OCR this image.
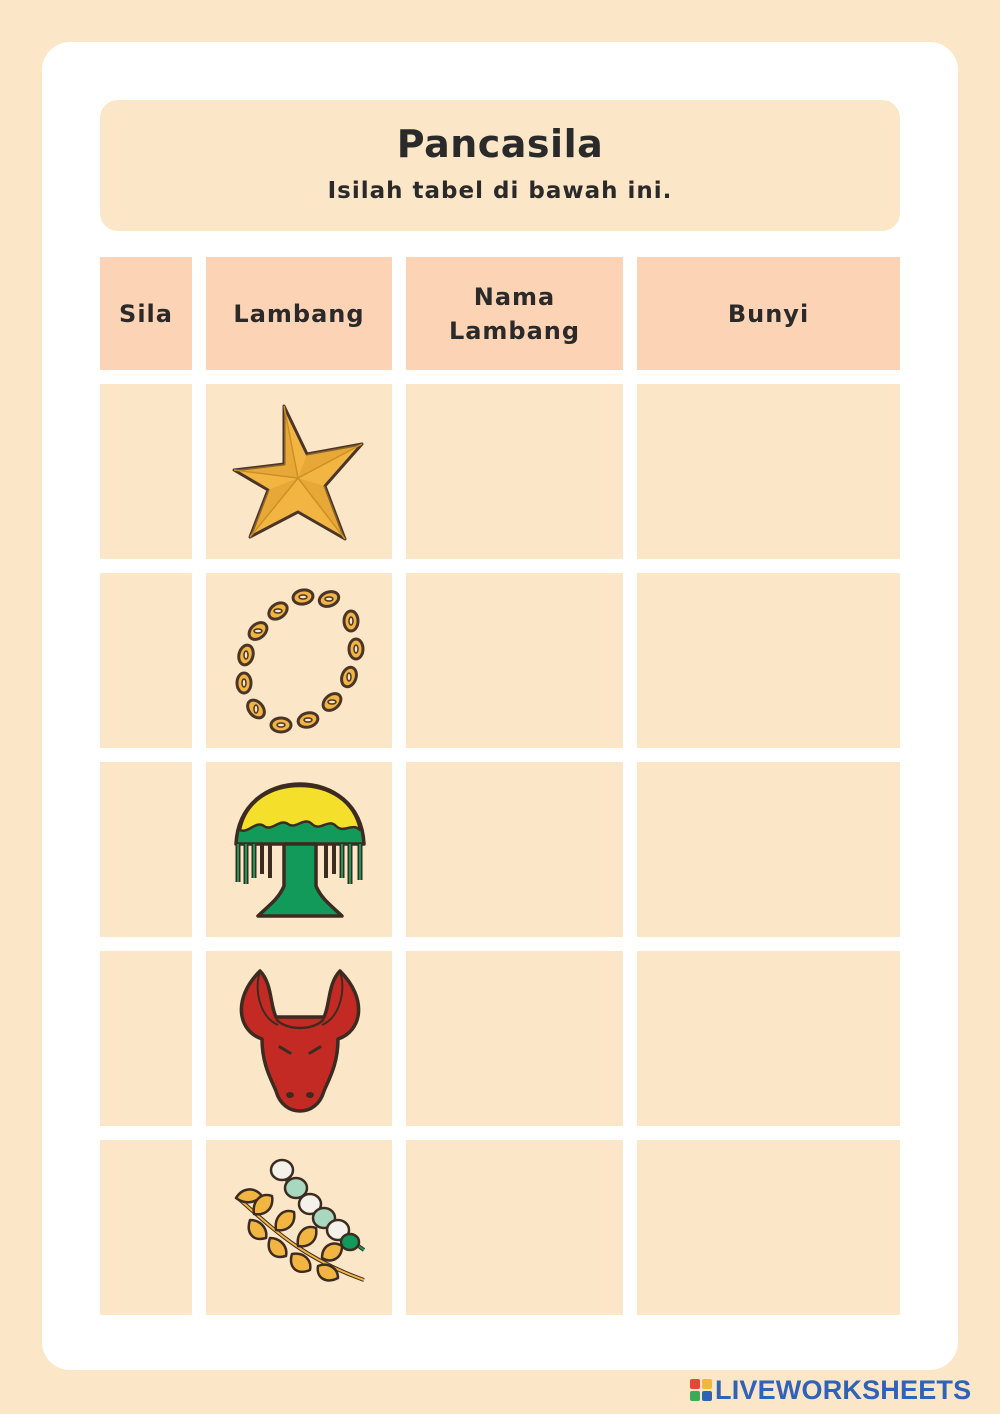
Pancasila
Isilah tabel di bawah ini.
Sila	Lambang
Nama Lambang
Bunyi
LIVEWORKSHEETS
